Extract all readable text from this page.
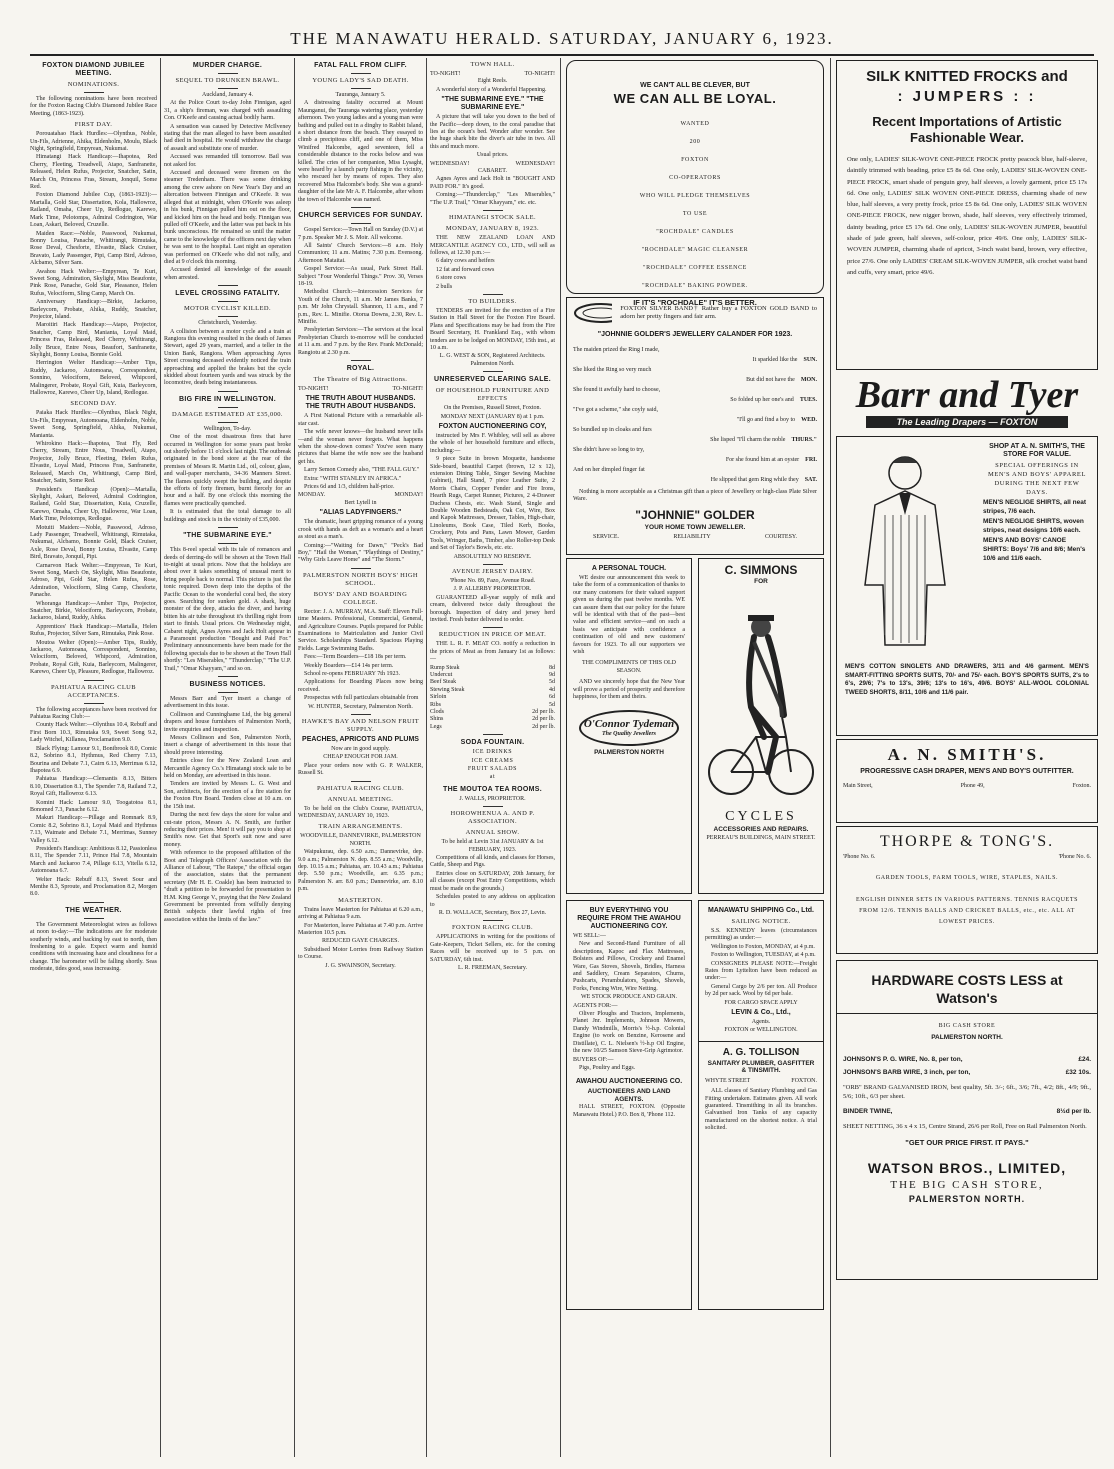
THE MANAWATU HERALD. SATURDAY, JANUARY 6, 1923.
FOXTON DIAMOND JUBILEE MEETING.
NOMINATIONS.

The following nominations have been received for the Foxton Racing Club's Diamond Jubilee Race Meeting, (1863-1923).

FIRST DAY.

Porouatahao Hack Hurdles:—Olynthus, Noble, Un-Fils, Adrienne, Ahika, Eldenholm, Moulu, Black Night, Springfield, Empyrean, Nukumai.

Himatangi Hack Handicap:—Ihapotea, Red Cherry, Fleeting, Treadwell, Atapo, Sanfranette, Released, Helen Rufus, Projector, Snatcher, Satin, March On, Princess Fras, Stream, Jonquil, Some Red.

Foxton Diamond Jubilee Cup, (1863-1923):—Martalla, Gold Star, Dissertation, Kola, Hallowroz, Railand, Omaha, Cheer Up, Redlogue, Karewo, Mark Time, Pelotomps, Admiral Codrington, War Loan, Askari, Beloved, Cruzelle.

Maiden Race:—Noble, Passwood, Nukumai, Bonny Louisa, Panache, Whitirangi, Rimutaka, Rose Deval, Chesforte, Elvastte, Black Cruiser, Bravato, Lady Passenger, Pipi, Camp Bird, Adroso, Alcbamo, Silver Sam.

Awahou Hack Welter:—Empyrean, Te Kuri, Sweet Song, Admiration, Skylight, Miss Beaufonte, Pink Rose, Panache, Gold Star, Pleasance, Helen Rufus, Velociform, Sling Camp, March On.

Anniversary Handicap:—Birkie, Jackaroo, Barleycorn, Probate, Ahika, Ruddy, Snatcher, Projector, Island.

Maroitiri Hack Handicap:—Atapo, Projector, Snatcher, Camp Bird, Manianta, Loyal Maid, Princess Fras, Released, Red Cherry, Whitirangi, Jolly Bruce, Entre Nous, Beaufort, Sanfranette, Skylight, Bonny Louisa, Bonnie Gold.

Herrington Welter Handicap:—Amber Tips, Ruddy, Jackaroo, Automoana, Correspondent, Sonnino, Velociform, Beloved, Whipcord, Malingerer, Probate, Royal Gift, Kuia, Barleycorn, Hallowroz, Karewo, Cheer Up, Island, Redlogue.

SECOND DAY.

Paiaka Hack Hurdles:—Olynthus, Black Night, Un-Fils, Empyrean, Automoana, Eldenholm, Noble, Sweet Song, Springfield, Ahika, Nukumai, Manianta.

Whirokino Hack:—Ihapotea, Teat Fly, Red Cherry, Stream, Entre Nous, Treadwell, Atapo, Projector, Jolly Bruce, Fleeting, Helen Rufus, Elvastte, Loyal Maid, Princess Fras, Sanfranette, Released, March On, Whitirangi, Camp Bird, Snatcher, Satin, Some Red.

President's Handicap (Open):—Martalla, Skylight, Askari, Beloved, Admiral Codrington, Railand, Gold Star, Dissertation, Kuia, Cruzelle, Karewo, Omaha, Cheer Up, Hallowroz, War Loan, Mark Time, Pelotomps, Redlogue.

Motuiti Maiden:—Noble, Passwood, Adroso, Lady Passenger, Treadwell, Whitirangi, Rimutaka, Nukumai, Alcbamo, Bonnie Gold, Black Cruiser, Axle, Rose Deval, Bonny Louisa, Elvastte, Camp Bird, Bravato, Jonquil, Pipi.

Carnarvon Hack Welter:—Empyrean, Te Kuri, Sweet Song, March On, Skylight, Miss Beaufonte, Adroso, Pipi, Gold Star, Helen Rufus, Rose, Admiration, Velociform, Sling Camp, Chesforte, Panache.

Whoranga Handicap:—Amber Tips, Projector, Snatcher, Birkie, Velociform, Barleycorn, Probate, Jackaroo, Island, Ruddy, Ahika.

Apprentices' Hack Handicap:—Martalla, Helen Rufus, Projector, Silver Sam, Rimutaka, Pink Rose.

Moutoa Welter (Open):—Amber Tips, Ruddy, Jackaroo, Automoana, Correspondent, Sonnino, Velociform, Beloved, Whipcord, Admiration, Probate, Royal Gift, Kuia, Barleycorn, Malingerer, Karewo, Cheer Up, Pleasure, Redlogue, Hallowroz.

PAHIATUA RACING CLUB ACCEPTANCES.

The following acceptances have been received for Pahiatua Racing Club:—

County Hack Welter:—Olynthus 10.4, Rebuff and First Born 10.3, Rimutaka 9.9, Sweet Song 9.2, Lady Witchel, Killanea, Proclamation 9.0.

Black Flying: Lamour 9.1, Bonibrook 8.0, Comic 8.2, Sobrino 8.1, Hythmus, Red Cherry 7.13, Bourina and Debate 7.1, Cairn 6.13, Merrimas 6.12, Ihapotea 6.9.

Pahiatua Handicap:—Clemantis 8.13, Bitters 8.10, Dissertation 8.1, The Spender 7.8, Railand 7.2, Royal Gift, Hallowroz 6.13.

Komini Hack: Lamour 9.0, Toogatotoa 8.1, Bonomed 7.3, Panache 6.12.

Makuri Handicap:—Pillage and Romnark 8.9, Comic 8.2, Sobrino 8.1, Loyal Maid and Hythmus 7.13, Waimate and Debate 7.1, Merrimas, Sunney Valley 6.12.

President's Handicap: Ambitious 8.12, Passionless 8.11, The Spender 7.11, Prince Hal 7.8, Mountain March and Jackaroo 7.4, Pillage 6.13, Vitella 6.12, Automoana 6.7.

Welter Hack: Rebuff 8.13, Sweet Sour and Menthe 8.3, Sproute, and Proclamation 8.2, Morgen 8.0.

THE WEATHER.

The Government Meteorologist wires as follows at noon to-day:—The indications are for moderate southerly winds, and backing by east to north, then freshening to a gale. Expect warm and humid conditions with increasing haze and cloudiness for a change. The barometer will be falling shortly. Seas moderate, tides good, seas increasing.

MURDER CHARGE.
SEQUEL TO DRUNKEN BRAWL.

Auckland, January 4.

At the Police Court to-day John Finnigan, aged 31, a ship's fireman, was charged with assaulting Con. O'Keefe and causing actual bodily harm.

A sensation was caused by Detective McIlveney stating that the man alleged to have been assaulted had died in hospital. He would withdraw the charge of assault and substitute one of murder.

Accused was remanded till tomorrow. Bail was not asked for.

Accused and deceased were firemen on the steamer Tredenham. There was some drinking among the crew ashore on New Year's Day and an altercation between Finnigan and O'Keefe. It was alleged that at midnight, when O'Keefe was asleep in his bunk, Finnigan pulled him out on the floor, and kicked him on the head and body. Finnigan was pulled off O'Keefe, and the latter was put back in his bunk unconscious. He remained so until the matter came to the knowledge of the officers next day when he was sent to the hospital. Last night an operation was performed on O'Keefe who did not rally, and died at 9 o'clock this morning.

Accused denied all knowledge of the assault when arrested.

LEVEL CROSSING FATALITY.
MOTOR CYCLIST KILLED.

Christchurch, Yesterday.

A collision between a motor cycle and a train at Rangiora this evening resulted in the death of James Stewart, aged 29 years, married, and a teller in the Union Bank, Rangiora. When approaching Ayres Street crossing deceased evidently noticed the train approaching and applied the brakes but the cycle skidded about fourteen yards and was struck by the locomotive, death being instantaneous.

BIG FIRE IN WELLINGTON.
DAMAGE ESTIMATED AT £35,000.

Wellington, To-day.

One of the most disastrous fires that have occurred in Wellington for some years past broke out shortly before 11 o'clock last night. The outbreak originated in the bond store at the rear of the premises of Messrs R. Martin Ltd., oil, colour, glass, and wall-paper merchants, 34-36 Manners Street. The flames quickly swept the building, and despite the efforts of forty firemen, burnt fiercely for an hour and a half. By one o'clock this morning the flames were practically quenched.

It is estimated that the total damage to all buildings and stock is in the vicinity of £35,000.

"THE SUBMARINE EYE."

This 8-reel special with its tale of romances and deeds of derring-do will be shown at the Town Hall to-night at usual prices. Now that the holidays are about over it takes something of unusual merit to bring people back to normal. This picture is just the tonic required. Down deep into the depths of the Pacific Ocean to the wonderful coral bed, the story goes. Searching for sunken gold. A shark, huge monster of the deep, attacks the diver, and having bitten his air tube throughout it's thrilling right from start to finish. Usual prices. On Wednesday night, Cabaret night, Agnes Ayres and Jack Holt appear in a Paramount production "Bought and Paid For." Preliminary announcements have been made for the following specials due to be shown at the Town Hall shortly: "Les Miserables," "Thunderclap," "The U.P. Trail," "Omar Khayyam," and so on.

BUSINESS NOTICES.

Messrs Barr and Tyer insert a change of advertisement in this issue.

Collinson and Cunninghame Ltd, the big general drapers and house furnishers of Palmerston North, invite enquiries and inspection.

Messrs Collinson and Son, Palmerston North, insert a change of advertisement in this issue that should prove interesting.

Entries close for the New Zealand Loan and Mercantile Agency Co.'s Himatangi stock sale to be held on Monday, are advertised in this issue.

Tenders are invited by Messrs L. G. West and Son, architects, for the erection of a fire station for the Foxton Fire Board. Tenders close at 10 a.m. on the 15th inst.

During the next few days the store for value and cut-rate prices, Messrs A. N. Smith, are further reducing their prices. Men! it will pay you to shop at Smith's now. Get that Sport's suit now and save money.

With reference to the proposed affiliation of the Boot and Telegraph Officers' Association with the Alliance of Labour, "The Ratepe," the official organ of the association, states that the permanent secretary (Mr H. E. Coakle) has been instructed to "draft a petition to be forwarded for presentation to H.M. King George V., praying that the New Zealand Government be prevented from wilfully denying British subjects their lawful rights of free association within the limits of the law."

FATAL FALL FROM CLIFF.
YOUNG LADY'S SAD DEATH.

Tauranga, January 5.

A distressing fatality occurred at Mount Maunganui, the Tauranga watering place, yesterday afternoon. Two young ladies and a young man were bathing and pulled out in a dinghy to Rabbit Island, a short distance from the beach. They essayed to climb a precipitous cliff, and one of them, Miss Winifred Halcombe, aged seventeen, fell a considerable distance to the rocks below and was killed. The cries of her companion, Miss Lysaght, were heard by a launch party fishing in the vicinity, who rescued her by means of ropes. They also recovered Miss Halcombe's body. She was a grand-daughter of the late Mr A. F. Halcombe, after whom the town of Halcombe was named.

CHURCH SERVICES FOR SUNDAY.

Gospel Service:—Town Hall on Sunday (D.V.) at 7 p.m. Speaker Mr J. S. Moir. All welcome.

All Saints' Church Services:—8 a.m. Holy Communion; 11 a.m. Matins; 7.30 p.m. Evensong. Afternoon Mataitai.

Gospel Service:—As usual, Park Street Hall. Subject "Four Wonderful Things." Prov. 30, Verses 18-19.

Methodist Church:—Intercession Services for Youth of the Church, 11 a.m. Mr James Banks, 7 p.m. Mr John Chrystall. Shannon, 11 a.m., and 7 p.m., Rev. L. Minifie. Otorua Downs, 2.30, Rev. L. Minifie.

Presbyterian Services:—The services at the local Presbyterian Church to-morrow will be conducted at 11 a.m. and 7 p.m. by the Rev. Frank McDonald; Rangiotu at 2.30 p.m.

ROYAL.
The Theatre of Big Attractions.
TO-NIGHT!	TO-NIGHT!
THE TRUTH ABOUT HUSBANDS. THE TRUTH ABOUT HUSBANDS.

A First National Picture with a remarkable all-star cast.

The wife never knows—the husband never tells—and the woman never forgets. What happens when the show-down comes? You've seen many pictures that blame the wife now see the husband get his.

Larry Semon Comedy also, "THE FALL GUY."

Extra: "WITH STANLEY IN AFRICA."

Prices 6d and 1/3, children half-price.

MONDAY.	MONDAY!

Bert Lytell in

"ALIAS LADYFINGERS."

The dramatic, heart gripping romance of a young crook with hands as deft as a woman's and a heart as stout as a man's.

Coming:—"Waiting for Dawn," "Peck's Bad Boy," "Hail the Woman," "Playthings of Destiny," "Why Girls Leave Home" and "The Storm."

PALMERSTON NORTH BOYS' HIGH SCHOOL.
BOYS' DAY AND BOARDING COLLEGE.

Rector: J. A. MURRAY, M.A. Staff: Eleven Full-time Masters. Professional, Commercial, General, and Agriculture Courses. Pupils prepared for Public Examinations to Matriculation and Junior Civil Service. Scholarships Standard. Spacious Playing Fields. Large Swimming Baths.

Fees:—Term Boarders—£18 18s per term.

Weekly Boarders—£14 14s per term.

School re-opens FEBRUARY 7th 1923.

Applications for Boarding Places now being received.

Prospectus with full particulars obtainable from

W. HUNTER, Secretary, Palmerston North.

HAWKE'S BAY AND NELSON FRUIT SUPPLY.
PEACHES, APRICOTS AND PLUMS

Now are in good supply.

CHEAP ENOUGH FOR JAM.

Place your orders now with G. P. WALKER, Russell St.

PAHIATUA RACING CLUB.
ANNUAL MEETING.

To be held on the Club's Course, PAHIATUA, WEDNESDAY, JANUARY 10, 1923.

TRAIN ARRANGEMENTS.

WOODVILLE, DANNEVIRKE, PALMERSTON NORTH.

Waipukurau, dep. 6.50 a.m.; Dannevirke, dep. 9.0 a.m.; Palmerston N. dep. 8.55 a.m.; Woodville, dep. 10.15 a.m.; Pahiatua, arr. 10.43 a.m.; Pahiatua dep. 5.50 p.m.; Woodville, arr. 6.35 p.m.; Palmerston N. arr. 8.0 p.m.; Dannevirke, arr. 8.10 p.m.

MASTERTON.

Trains leave Masterton for Pahiatua at 6.20 a.m., arriving at Pahiatua 9 a.m.

For Masterton, leave Pahiatua at 7.40 p.m. Arrive Masterton 10.5 p.m.

REDUCED GAYE CHARGES.

Subsidised Motor Lorries from Railway Station to Course.

J. G. SWAINSON, Secretary.

TOWN HALL.
TO-NIGHT!	TO-NIGHT!

Eight Reels.

A wonderful story of a Wonderful Happening.

"THE SUBMARINE EYE." "THE SUBMARINE EYE."

A picture that will take you down to the bed of the Pacific—deep down, to the coral paradise that lies at the ocean's bed. Wonder after wonder. See the huge shark bite the diver's air tube in two. All this and much more.

Usual prices.

WEDNESDAY!	WEDNESDAY!

CABARET.

Agnes Ayres and Jack Holt in "BOUGHT AND PAID FOR." It's good.

Coming:—"Thunderclap," "Les Miserables," "The U.P. Trail," "Omar Khayyam," etc. etc.

HIMATANGI STOCK SALE.
MONDAY, JANUARY 8, 1923.

THE NEW ZEALAND LOAN AND MERCANTILE AGENCY CO., LTD., will sell as follows, at 12.30 p.m.:—

6 dairy cows and heifers

12 fat and forward cows

6 store cows

2 bulls

TO BUILDERS.

TENDERS are invited for the erection of a Fire Station in Hall Street for the Foxton Fire Board. Plans and Specifications may be had from the Fire Board Secretary, H. Frankland Esq., with whom tenders are to be lodged on MONDAY, 15th inst., at 10 a.m.

L. G. WEST & SON, Registered Architects. Palmerston North.

UNRESERVED CLEARING SALE.
OF HOUSEHOLD FURNITURE AND EFFECTS

On the Premises, Russell Street, Foxton.

MONDAY NEXT (JANUARY 8) at 1 p.m.

FOXTON AUCTIONEERING COY,

instructed by Mrs F. Whibley, will sell as above the whole of her household furniture and effects, including:—

9 piece Suite in brown Moquette, handsome Side-board, beautiful Carpet (brown, 12 x 12), extension Dining Table, Singer Sewing Machine (cabinet), Hall Stand, 7 piece Leather Suite, 2 Morris Chairs, Copper Fender and Fire Irons, Hearth Rugs, Carpet Runner, Pictures, 2 4-Drawer Duchess Chests, etc. Wash Stand, Single and Double Wooden Bedsteads, Oak Cot, Wire, Box and Kapok Mattresses, Dresser, Tables, High-chair, Linoleums, Book Case, Tiled Kerb, Books, Crockery, Pots and Pans, Lawn Mower, Garden Tools, Wringer, Baths, Timber, also Roller-top Desk and Set of Taylor's Bowls, etc. etc.

ABSOLUTELY NO RESERVE.

AVENUE JERSEY DAIRY.

'Phone No. 89, Fazo, Avenue Road.

J. P. ALLERBY PROPRIETOR.

GUARANTEED all-year supply of milk and cream, delivered twice daily throughout the borough. Inspection of dairy and jersey herd invited. Fresh butter delivered to order.

REDUCTION IN PRICE OF MEAT.

THE L. R. F. MEAT CO. notify a reduction in the prices of Meat as from January 1st as follows:—

Rump Steak	8d
Undercut	9d
Beef Steak	5d
Stewing Steak	4d
Sirloin	6d
Ribs	5d
Clods	2d per lb.
Shins	2d per lb.
Legs	2d per lb.
SODA FOUNTAIN.

ICE DRINKS

ICE CREAMS

FRUIT SALADS

at

THE MOUTOA TEA ROOMS.

J. WALLS, PROPRIETOR.

HOROWHENUA A. AND P. ASSOCIATION.
ANNUAL SHOW.

To be held at Levin 31st JANUARY & 1st FEBRUARY, 1923.

Competitions of all kinds, and classes for Horses, Cattle, Sheep and Pigs.

Entries close on SATURDAY, 20th January, for all classes (except Post Entry Competitions, which must be made on the grounds.)

Schedules posted to any address on application to

R. D. WALLACE, Secretary, Box 27, Levin.

FOXTON RACING CLUB.

APPLICATIONS in writing for the positions of Gate-Keepers, Ticket Sellers, etc. for the coming Races will be received up to 5 p.m. on SATURDAY, 6th inst.

L. R. FREEMAN, Secretary.

WE CAN'T ALL BE CLEVER, BUT

WE CAN ALL BE LOYAL.

WANTED

200

FOXTON

CO-OPERATORS

WHO WILL PLEDGE THEMSELVES

TO USE

"ROCHDALE" CANDLES

"ROCHDALE" MAGIC CLEANSER

"ROCHDALE" COFFEE ESSENCE

"ROCHDALE" BAKING POWDER.

IF IT'S "ROCHDALE" IT'S BETTER.

FOXTON SILVER BAND† Rather buy a FOXTON GOLD BAND to adorn her pretty fingers and fair arm.

"JOHNNIE GOLDER'S JEWELLERY CALANDER FOR 1923.

The maiden prized the Ring I made,
It sparkled like the SUN.
She liked the Ring so very much
But did not have the MON.
She found it awfully hard to choose,
So folded up her one's and TUES.
"I've got a scheme," she coyly said,
"I'll go and find a boy to WED.
So bundled up in cloaks and furs
She lisped "I'll charm the noble THURS."
She didn't have so long to try,
For she found him at an oyster FRI.
And on her dimpled finger fat
He slipped that gem Ring while they SAT.

Nothing is more acceptable as a Christmas gift than a piece of Jewellery or high-class Plate Silver Ware.

"JOHNNIE" GOLDER

YOUR HOME TOWN JEWELLER.

SERVICE.	RELIABILITY	COURTESY.
A PERSONAL TOUCH.

WE desire our announcement this week to take the form of a communication of thanks to our many customers for their valued support given us during the past twelve months. WE can assure them that our policy for the future will be identical with that of the past—best value and efficient service—and on such a basis we anticipate with confidence a continuation of old and new customers' favours for 1923. To all our supporters we wish

THE COMPLIMENTS OF THIS OLD SEASON.

AND we sincerely hope that the New Year will prove a period of prosperity and therefore happiness, for them and theirs.

O'Connor Tydeman
The Quality Jewellers

PALMERSTON NORTH

C. SIMMONS

FOR

CYCLES

ACCESSORIES AND REPAIRS.

PERREAU'S BUILDINGS, MAIN STREET.

BUY EVERYTHING YOU REQUIRE FROM THE AWAHOU AUCTIONEERING COY.

WE SELL:—

New and Second-Hand Furniture of all descriptions, Kapoc and Flax Mattresses, Bolsters and Pillows, Crockery and Enamel Ware, Gas Stoves, Shovels, Bridles, Harness and Saddlery, Cream Separators, Churns, Pushcarts, Perambulators, Spades, Shovels, Forks, Fencing Wire, Wire Netting.

WE STOCK PRODUCE AND GRAIN.

AGENTS FOR:—

Oliver Ploughs and Tractors, Implements, Planet Jnr. Implements, Johnson Mowers, Dandy Windmills, Morris's ½-h.p. Colonial Engine (to work on Benzine, Kerosene and Distillate), C. L. Nielsen's ½-h.p Oil Engine, the new 10/25 Samson Sieve-Grip Agrimotor.

BUYERS OF:—

Pigs, Poultry and Eggs.

AWAHOU AUCTIONEERING CO.

AUCTIONEERS AND LAND AGENTS.

HALL STREET, FOXTON. (Opposite Manawatu Hotel.) P.O. Box 8, 'Phone 112.

MANAWATU SHIPPING Co., Ltd.
SAILING NOTICE.

S.S. KENNEDY leaves (circumstances permitting) as under:—

Wellington to Foxton, MONDAY, at 4 p.m.

Foxton to Wellington, TUESDAY, at 4 p.m.

CONSIGNEES PLEASE NOTE:—Freight Rates from Lyttelton have been reduced as under:—

General Cargo by 2/6 per ton. All Produce by 2d per sack. Wool by 6d per bale.

FOR CARGO SPACE APPLY

LEVIN & Co., Ltd.,

Agents.

FOXTON or WELLINGTON.

A. G. TOLLISON

SANITARY PLUMBER, GASFITTER & TINSMITH.

WHYTE STREET	FOXTON.

ALL classes of Sanitary Plumbing and Gas Fitting undertaken. Estimates given. All work guaranteed. Tinsmithing in all its branches. Galvanised Iron Tanks of any capacity manufactured on the shortest notice. A trial solicited.

SILK KNITTED FROCKS and

: JUMPERS : :

Recent Importations of Artistic Fashionable Wear.

One only, LADIES' SILK-WOVE ONE-PIECE FROCK pretty peacock blue, half-sleeve, daintily trimmed with beading, price £5 8s 6d. One only, LADIES' SILK-WOVEN ONE-PIECE FROCK, smart shade of penguin grey, half sleeves, a lovely garment, price £5 17s 6d. One only, LADIES' SILK WOVEN ONE-PIECE DRESS, charming shade of new blue, half sleeves, a very pretty frock, price £5 8s 6d. One only, LADIES' SILK WOVEN ONE-PIECE FROCK, new nigger brown, shade, half sleeves, very effectively trimmed, dainty beading, price £5 17s 6d. One only, LADIES' SILK-WOVEN JUMPER, beautiful shade of jade green, half sleeves, self-colour, price 49/6. One only, LADIES' SILK-WOVEN JUMPER, charming shade of apricot, 3-inch waist band, brown, very effective, price 27/6. One only LADIES' CREAM SILK-WOVEN JUMPER, silk crochet waist band and cuffs, very smart, price 49/6.

Barr and Tyer
The Leading Drapers — FOXTON
SHOP AT A. N. SMITH'S, THE STORE FOR VALUE.

SPECIAL OFFERINGS IN MEN'S AND BOYS' APPAREL DURING THE NEXT FEW DAYS.

MEN'S NEGLIGE SHIRTS, all neat stripes, 7/6 each.

MEN'S NEGLIGE SHIRTS, woven stripes, neat designs 10/6 each.

MEN'S AND BOYS' CANOE SHIRTS: Boys' 7/6 and 8/6; Men's 10/6 and 11/6 each.

MEN'S COTTON SINGLETS AND DRAWERS, 3/11 and 4/6 garment. MEN'S SMART-FITTING SPORTS SUITS, 70/- and 75/- each. BOY'S SPORTS SUITS, 2's to 6's, 29/6; 7's to 13's, 39/6; 13's to 16's, 49/6. BOYS' ALL-WOOL COLONIAL TWEED SHORTS, 8/11, 10/6 and 11/6 pair.

A. N. SMITH'S.

PROGRESSIVE CASH DRAPER, MEN'S AND BOY'S OUTFITTER.

Main Street,	Phone 49,	Foxton.

THORPE & TONG'S.

'Phone No. 6.	'Phone No. 6.

GARDEN TOOLS, FARM TOOLS, WIRE, STAPLES, NAILS.

ENGLISH DINNER SETS IN VARIOUS PATTERNS. TENNIS RACQUETS FROM 12/6. TENNIS BALLS AND CRICKET BALLS, etc., etc. ALL AT LOWEST PRICES.

HARDWARE COSTS LESS at Watson's

BIG CASH STORE

PALMERSTON NORTH.

JOHNSON'S P. G. WIRE, No. 8, per ton,	£24.
JOHNSON'S BARB WIRE, 3 inch, per ton,	£32 10s.

"ORB" BRAND GALVANISED IRON, best quality, 5ft. 3/-; 6ft., 3/6; 7ft., 4/2; 8ft., 4/9; 9ft., 5/6; 10ft., 6/3 per sheet.

BINDER TWINE,	8½d per lb.

SHEET NETTING, 36 x 4 x 15, Centre Strand, 26/6 per Roll, Free on Rail Palmerston North.

"GET OUR PRICE FIRST. IT PAYS."

WATSON BROS., LIMITED,

THE BIG CASH STORE,

PALMERSTON NORTH.
